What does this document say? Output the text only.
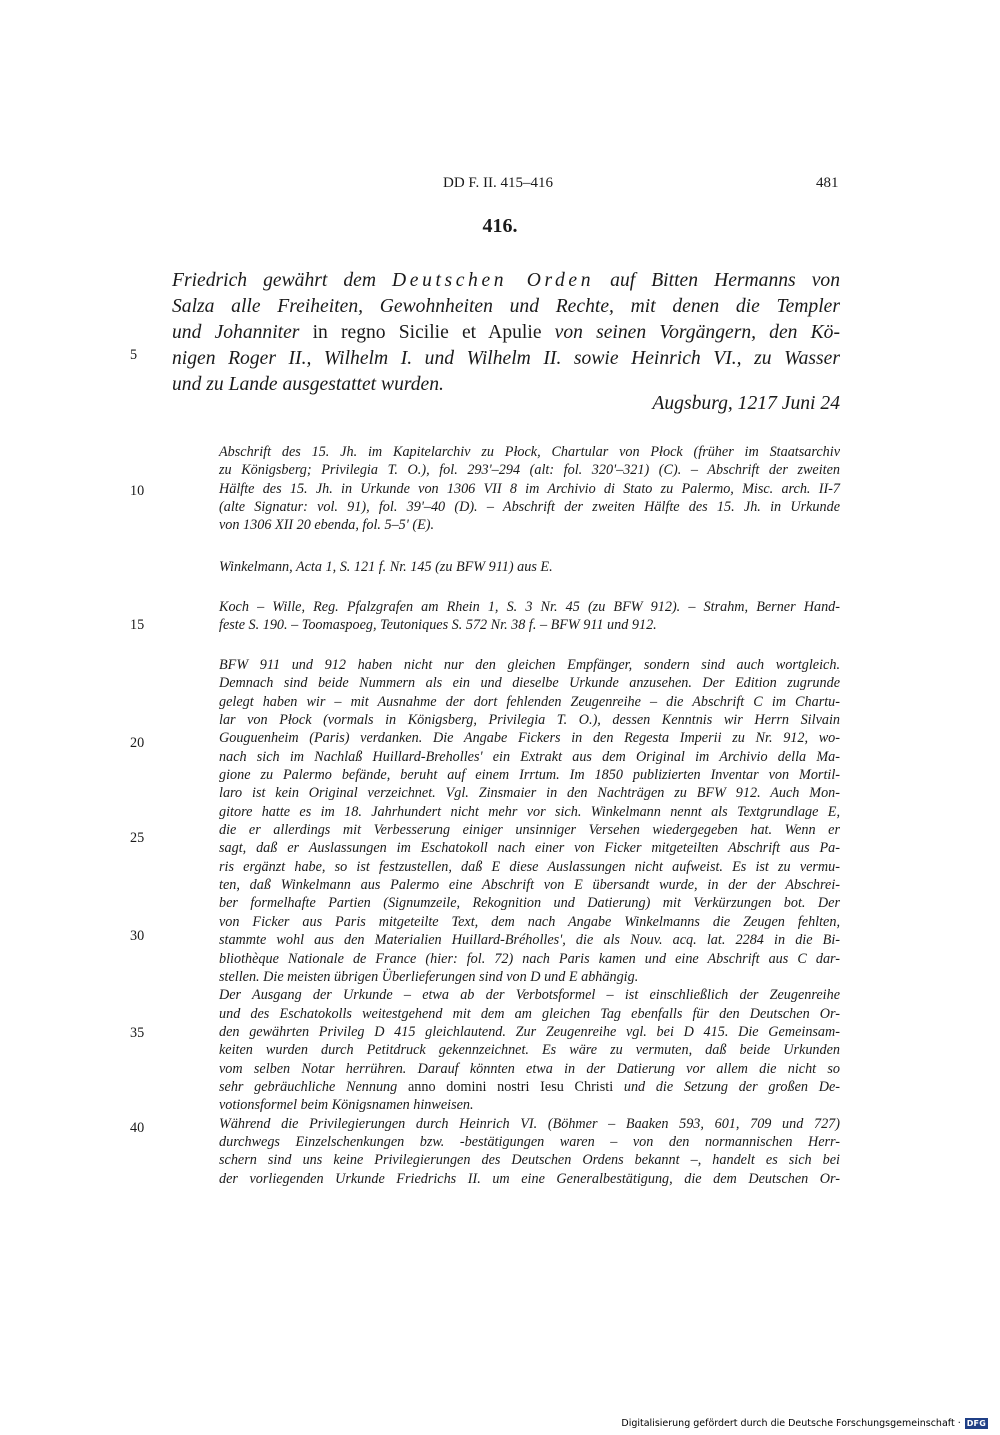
DD F. II. 415–416	481
416.
Friedrich gewährt dem Deutschen Orden auf Bitten Hermanns von
Salza alle Freiheiten, Gewohnheiten und Rechte, mit denen die Templer
und Johanniter in regno Sicilie et Apulie von seinen Vorgängern, den Kö-
nigen Roger II., Wilhelm I. und Wilhelm II. sowie Heinrich VI., zu Wasser
und zu Lande ausgestattet wurden.
Augsburg, 1217 Juni 24
5
10
15
20
25
30
35
40
Abschrift des 15. Jh. im Kapitelarchiv zu Płock, Chartular von Płock (früher im Staatsarchiv
zu Königsberg; Privilegia T. O.), fol. 293'–294 (alt: fol. 320'–321) (C). – Abschrift der zweiten
Hälfte des 15. Jh. in Urkunde von 1306 VII 8 im Archivio di Stato zu Palermo, Misc. arch. II-7
(alte Signatur: vol. 91), fol. 39'–40 (D). – Abschrift der zweiten Hälfte des 15. Jh. in Urkunde
von 1306 XII 20 ebenda, fol. 5–5' (E).
Winkelmann, Acta 1, S. 121 f. Nr. 145 (zu BFW 911) aus E.
Koch – Wille, Reg. Pfalzgrafen am Rhein 1, S. 3 Nr. 45 (zu BFW 912). – Strahm, Berner Hand-
feste S. 190. – Toomaspoeg, Teutoniques S. 572 Nr. 38 f. – BFW 911 und 912.
BFW 911 und 912 haben nicht nur den gleichen Empfänger, sondern sind auch wortgleich.
Demnach sind beide Nummern als ein und dieselbe Urkunde anzusehen. Der Edition zugrunde
gelegt haben wir – mit Ausnahme der dort fehlenden Zeugenreihe – die Abschrift C im Chartu-
lar von Płock (vormals in Königsberg, Privilegia T. O.), dessen Kenntnis wir Herrn Silvain
Gouguenheim (Paris) verdanken. Die Angabe Fickers in den Regesta Imperii zu Nr. 912, wo-
nach sich im Nachlaß Huillard-Breholles' ein Extrakt aus dem Original im Archivio della Ma-
gione zu Palermo befände, beruht auf einem Irrtum. Im 1850 publizierten Inventar von Mortil-
laro ist kein Original verzeichnet. Vgl. Zinsmaier in den Nachträgen zu BFW 912. Auch Mon-
gitore hatte es im 18. Jahrhundert nicht mehr vor sich. Winkelmann nennt als Textgrundlage E,
die er allerdings mit Verbesserung einiger unsinniger Versehen wiedergegeben hat. Wenn er
sagt, daß er Auslassungen im Eschatokoll nach einer von Ficker mitgeteilten Abschrift aus Pa-
ris ergänzt habe, so ist festzustellen, daß E diese Auslassungen nicht aufweist. Es ist zu vermu-
ten, daß Winkelmann aus Palermo eine Abschrift von E übersandt wurde, in der der Abschrei-
ber formelhafte Partien (Signumzeile, Rekognition und Datierung) mit Verkürzungen bot. Der
von Ficker aus Paris mitgeteilte Text, dem nach Angabe Winkelmanns die Zeugen fehlten,
stammte wohl aus den Materialien Huillard-Bréholles', die als Nouv. acq. lat. 2284 in die Bi-
bliothèque Nationale de France (hier: fol. 72) nach Paris kamen und eine Abschrift aus C dar-
stellen. Die meisten übrigen Überlieferungen sind von D und E abhängig.
Der Ausgang der Urkunde – etwa ab der Verbotsformel – ist einschließlich der Zeugenreihe
und des Eschatokolls weitestgehend mit dem am gleichen Tag ebenfalls für den Deutschen Or-
den gewährten Privileg D 415 gleichlautend. Zur Zeugenreihe vgl. bei D 415. Die Gemeinsam-
keiten wurden durch Petitdruck gekennzeichnet. Es wäre zu vermuten, daß beide Urkunden
vom selben Notar herrühren. Darauf könnten etwa in der Datierung vor allem die nicht so
sehr gebräuchliche Nennung anno domini nostri Iesu Christi und die Setzung der großen De-
votionsformel beim Königsnamen hinweisen.
Während die Privilegierungen durch Heinrich VI. (Böhmer – Baaken 593, 601, 709 und 727)
durchwegs Einzelschenkungen bzw. -bestätigungen waren – von den normannischen Herr-
schern sind uns keine Privilegierungen des Deutschen Ordens bekannt –, handelt es sich bei
der vorliegenden Urkunde Friedrichs II. um eine Generalbestätigung, die dem Deutschen Or-
Digitalisierung gefördert durch die Deutsche Forschungsgemeinschaft · DFG
